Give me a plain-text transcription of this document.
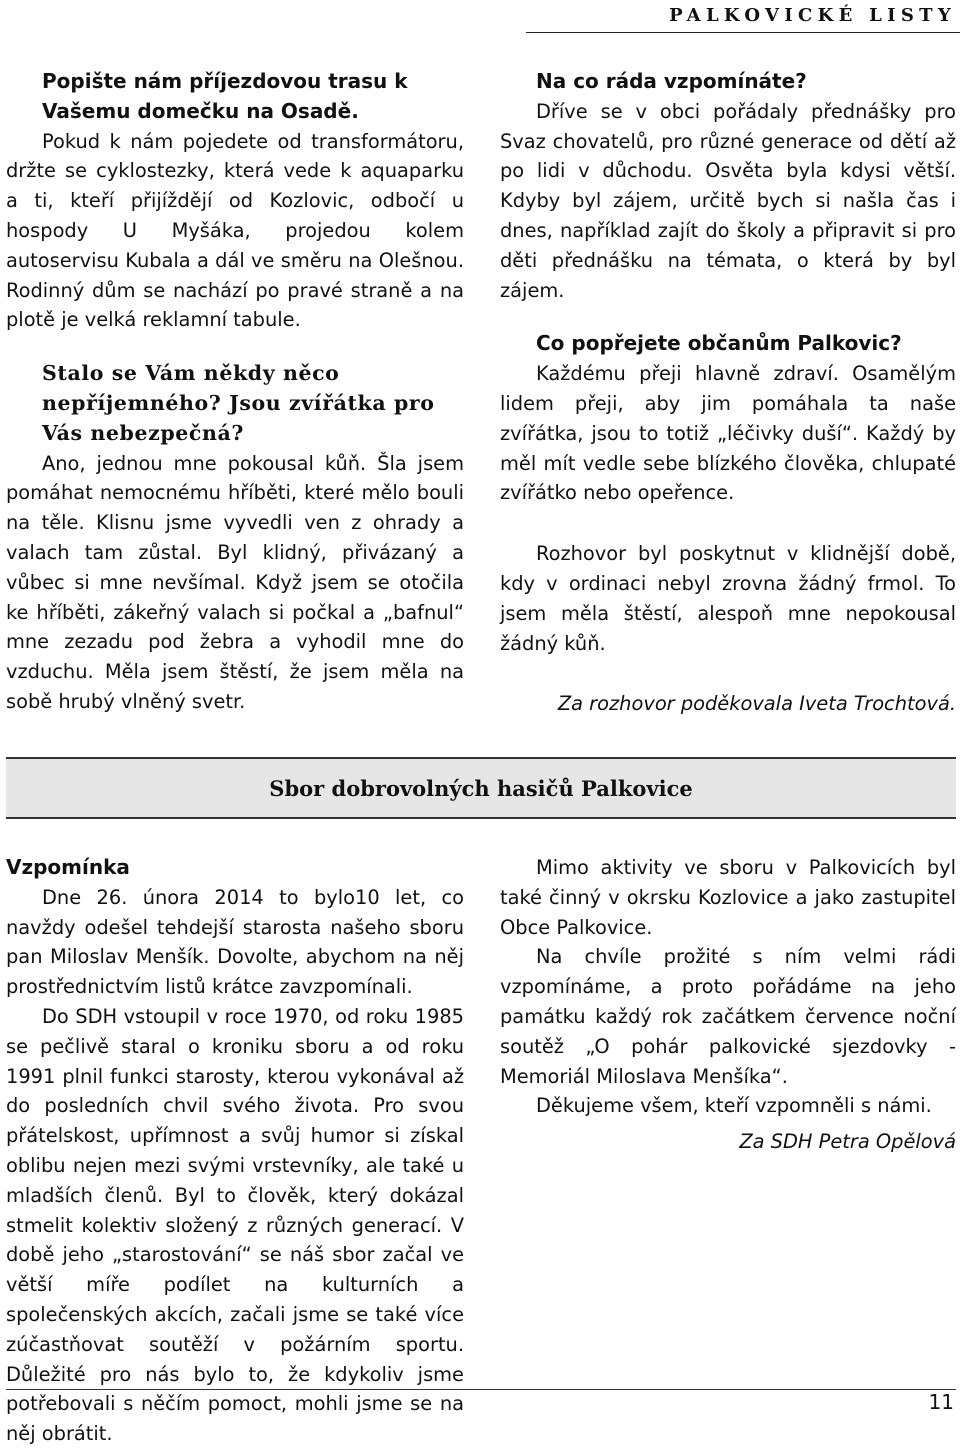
PALKOVICKÉ LISTY

Popište nám příjezdovou trasu k Vašemu domečku na Osadě.

Pokud k nám pojedete od transformátoru, držte se cyklostezky, která vede k aquaparku a ti, kteří přijíždějí od Kozlovic, odbočí u hospody U Myšáka, projedou kolem autoservisu Kubala a dál ve směru na Olešnou. Rodinný dům se nachází po pravé straně a na plotě je velká reklamní tabule.

Stalo se Vám někdy něco nepříjemného? Jsou zvířátka pro Vás nebezpečná?

Ano, jednou mne pokousal kůň. Šla jsem pomáhat nemocnému hříběti, které mělo bouli na těle. Klisnu jsme vyvedli ven z ohrady a valach tam zůstal. Byl klidný, přivázaný a vůbec si mne nevšímal. Když jsem se otočila ke hříběti, zákeřný valach si počkal a „bafnul“ mne zezadu pod žebra a vyhodil mne do vzduchu. Měla jsem štěstí, že jsem měla na sobě hrubý vlněný svetr.

Na co ráda vzpomínáte?

Dříve se v obci pořádaly přednášky pro Svaz chovatelů, pro různé generace od dětí až po lidi v důchodu. Osvěta byla kdysi větší. Kdyby byl zájem, určitě bych si našla čas i dnes, například zajít do školy a připravit si pro děti přednášku na témata, o která by byl zájem.

Co popřejete občanům Palkovic?

Každému přeji hlavně zdraví. Osamělým lidem přeji, aby jim pomáhala ta naše zvířátka, jsou to totiž „léčivky duší“. Každý by měl mít vedle sebe blízkého člověka, chlupaté zvířátko nebo opeřence.

Rozhovor byl poskytnut v klidnější době, kdy v ordinaci nebyl zrovna žádný frmol. To jsem měla štěstí, alespoň mne nepokousal žádný kůň.

Za rozhovor poděkovala Iveta Trochtová.

Sbor dobrovolných hasičů Palkovice

Vzpomínka

Dne 26. února 2014 to bylo10 let, co navždy odešel tehdejší starosta našeho sboru pan Miloslav Menšík. Dovolte, abychom na něj prostřednictvím listů krátce zavzpomínali.

Do SDH vstoupil v roce 1970, od roku 1985 se pečlivě staral o kroniku sboru a od roku 1991 plnil funkci starosty, kterou vykonával až do posledních chvil svého života. Pro svou přátelskost, upřímnost a svůj humor si získal oblibu nejen mezi svými vrstevníky, ale také u mladších členů. Byl to člověk, který dokázal stmelit kolektiv složený z různých generací. V době jeho „starostování“ se náš sbor začal ve větší míře podílet na kulturních a společenských akcích, začali jsme se také více zúčastňovat soutěží v požárním sportu. Důležité pro nás bylo to, že kdykoliv jsme potřebovali s něčím pomoct, mohli jsme se na něj obrátit.

Mimo aktivity ve sboru v Palkovicích byl také činný v okrsku Kozlovice a jako zastupitel Obce Palkovice.

Na chvíle prožité s ním velmi rádi vzpomínáme, a proto pořádáme na jeho památku každý rok začátkem července noční soutěž „O pohár palkovické sjezdovky - Memoriál Miloslava Menšíka“.

Děkujeme všem, kteří vzpomněli s námi.

Za SDH Petra Opělová

11
